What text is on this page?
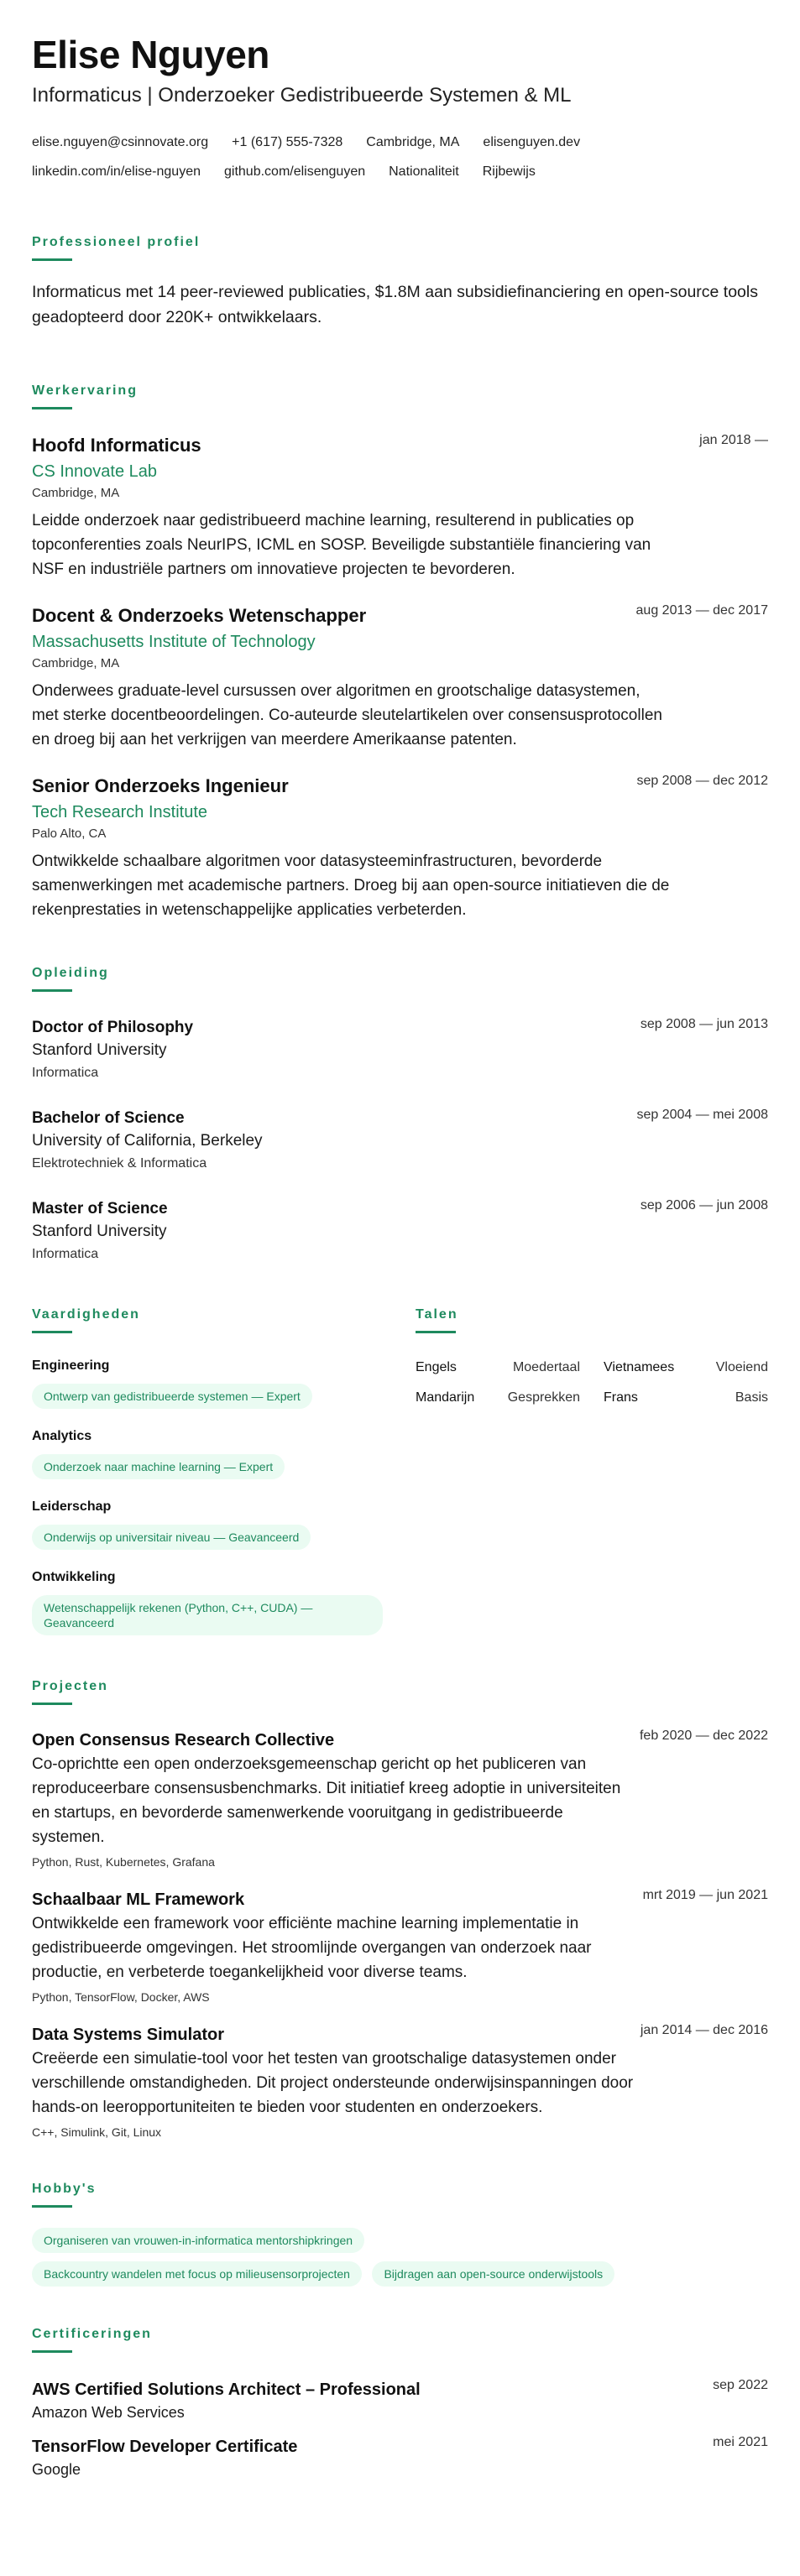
Elise Nguyen
Informaticus | Onderzoeker Gedistribueerde Systemen & ML
elise.nguyen@csinnovate.org +1 (617) 555-7328 Cambridge, MA elisenguyen.dev
linkedin.com/in/elise-nguyen github.com/elisenguyen Nationaliteit Rijbewijs
Professioneel profiel
Informaticus met 14 peer-reviewed publicaties, $1.8M aan subsidiefinanciering en open-source tools geadopteerd door 220K+ ontwikkelaars.
Werkervaring
Hoofd Informaticus	jan 2018 —
CS Innovate Lab
Cambridge, MA
Leidde onderzoek naar gedistribueerd machine learning, resulterend in publicaties op topconferenties zoals NeurIPS, ICML en SOSP. Beveiligde substantiële financiering van NSF en industriële partners om innovatieve projecten te bevorderen.
Docent & Onderzoeks Wetenschapper	aug 2013 — dec 2017
Massachusetts Institute of Technology
Cambridge, MA
Onderwees graduate-level cursussen over algoritmen en grootschalige datasystemen, met sterke docentbeoordelingen. Co-auteurde sleutelartikelen over consensusprotocollen en droeg bij aan het verkrijgen van meerdere Amerikaanse patenten.
Senior Onderzoeks Ingenieur	sep 2008 — dec 2012
Tech Research Institute
Palo Alto, CA
Ontwikkelde schaalbare algoritmen voor datasysteeminfrastructuren, bevorderde samenwerkingen met academische partners. Droeg bij aan open-source initiatieven die de rekenprestaties in wetenschappelijke applicaties verbeterden.
Opleiding
Doctor of Philosophy	sep 2008 — jun 2013
Stanford University
Informatica
Bachelor of Science	sep 2004 — mei 2008
University of California, Berkeley
Elektrotechniek & Informatica
Master of Science	sep 2006 — jun 2008
Stanford University
Informatica
Vaardigheden
Engineering
Ontwerp van gedistribueerde systemen — Expert
Analytics
Onderzoek naar machine learning — Expert
Leiderschap
Onderwijs op universitair niveau — Geavanceerd
Ontwikkeling
Wetenschappelijk rekenen (Python, C++, CUDA) — Geavanceerd
Talen
Engels	Moedertaal Vietnamees	Vloeiend
Mandarijn	Gesprekken Frans	Basis
Projecten
Open Consensus Research Collective	feb 2020 — dec 2022
Co-oprichtte een open onderzoeksgemeenschap gericht op het publiceren van reproduceerbare consensusbenchmarks. Dit initiatief kreeg adoptie in universiteiten en startups, en bevorderde samenwerkende vooruitgang in gedistribueerde systemen.
Python, Rust, Kubernetes, Grafana
Schaalbaar ML Framework	mrt 2019 — jun 2021
Ontwikkelde een framework voor efficiënte machine learning implementatie in gedistribueerde omgevingen. Het stroomlijnde overgangen van onderzoek naar productie, en verbeterde toegankelijkheid voor diverse teams.
Python, TensorFlow, Docker, AWS
Data Systems Simulator	jan 2014 — dec 2016
Creëerde een simulatie-tool voor het testen van grootschalige datasystemen onder verschillende omstandigheden. Dit project ondersteunde onderwijsinspanningen door hands-on leeropportuniteiten te bieden voor studenten en onderzoekers.
C++, Simulink, Git, Linux
Hobby's
Organiseren van vrouwen-in-informatica mentorshipkringen
Backcountry wandelen met focus op milieusensorprojecten	Bijdragen aan open-source onderwijstools
Certificeringen
AWS Certified Solutions Architect – Professional	sep 2022
Amazon Web Services
TensorFlow Developer Certificate	mei 2021
Google
